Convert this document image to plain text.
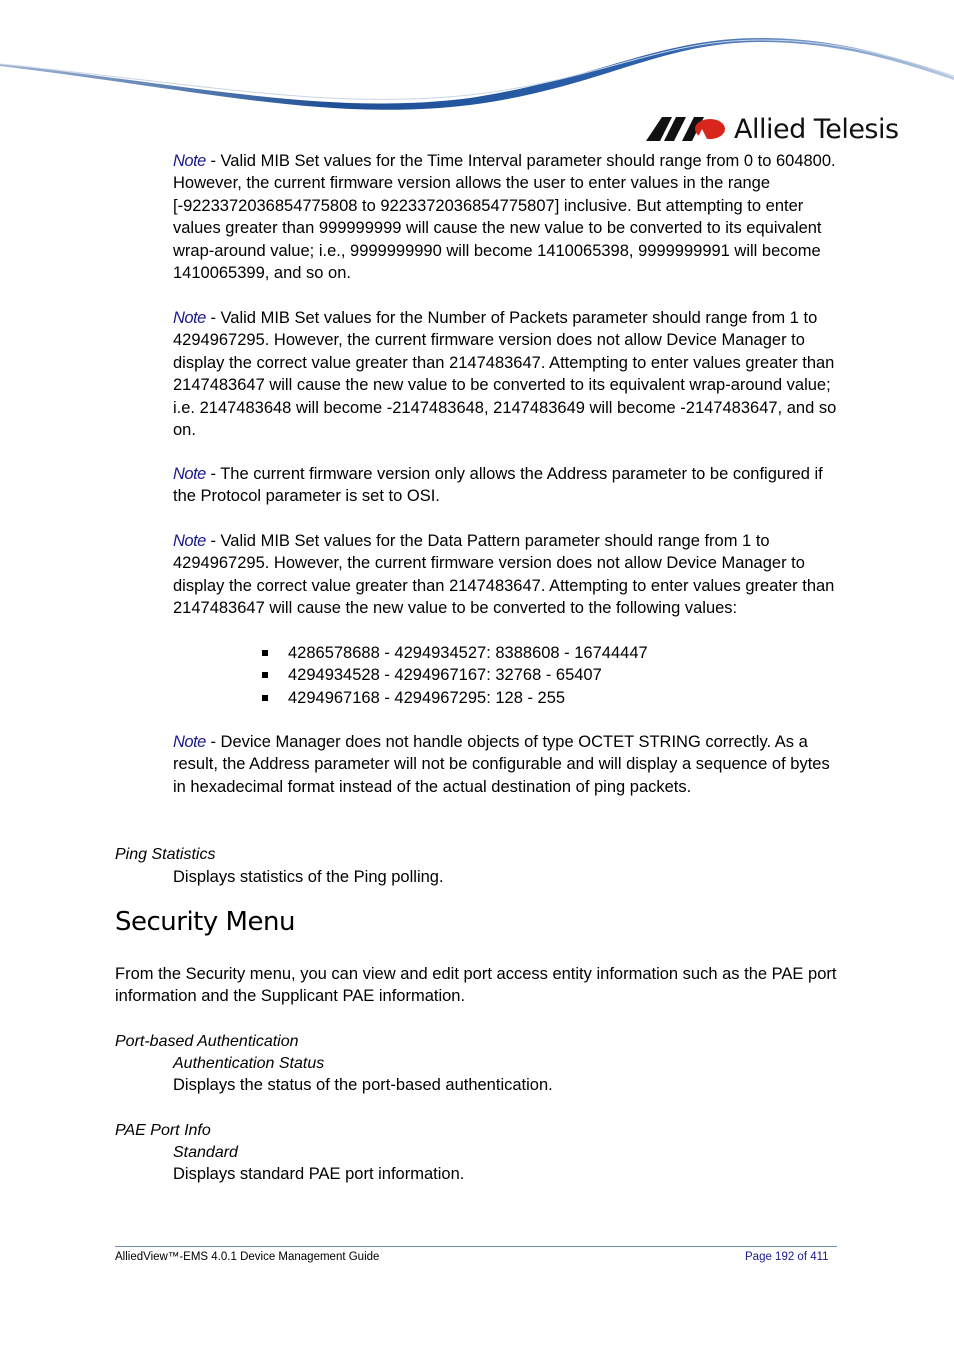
Allied Telesis
Note - Valid MIB Set values for the Time Interval parameter should range from 0 to 604800. However, the current firmware version allows the user to enter values in the range [-9223372036854775808 to 9223372036854775807] inclusive. But attempting to enter values greater than 999999999 will cause the new value to be converted to its equivalent wrap-around value; i.e., 9999999990 will become 1410065398, 9999999991 will become 1410065399, and so on.
Note - Valid MIB Set values for the Number of Packets parameter should range from 1 to 4294967295. However, the current firmware version does not allow Device Manager to display the correct value greater than 2147483647. Attempting to enter values greater than 2147483647 will cause the new value to be converted to its equivalent wrap-around value; i.e. 2147483648 will become -2147483648, 2147483649 will become -2147483647, and so on.
Note - The current firmware version only allows the Address parameter to be configured if the Protocol parameter is set to OSI.
Note - Valid MIB Set values for the Data Pattern parameter should range from 1 to 4294967295. However, the current firmware version does not allow Device Manager to display the correct value greater than 2147483647. Attempting to enter values greater than 2147483647 will cause the new value to be converted to the following values:
4286578688 - 4294934527: 8388608 - 16744447
4294934528 - 4294967167: 32768 - 65407
4294967168 - 4294967295: 128 - 255
Note - Device Manager does not handle objects of type OCTET STRING correctly. As a result, the Address parameter will not be configurable and will display a sequence of bytes in hexadecimal format instead of the actual destination of ping packets.
Ping Statistics
Displays statistics of the Ping polling.
Security Menu
From the Security menu, you can view and edit port access entity information such as the PAE port information and the Supplicant PAE information.
Port-based Authentication
Authentication Status
Displays the status of the port-based authentication.
PAE Port Info
Standard
Displays standard PAE port information.
AlliedView™-EMS 4.0.1 Device Management Guide	Page 192 of 411
